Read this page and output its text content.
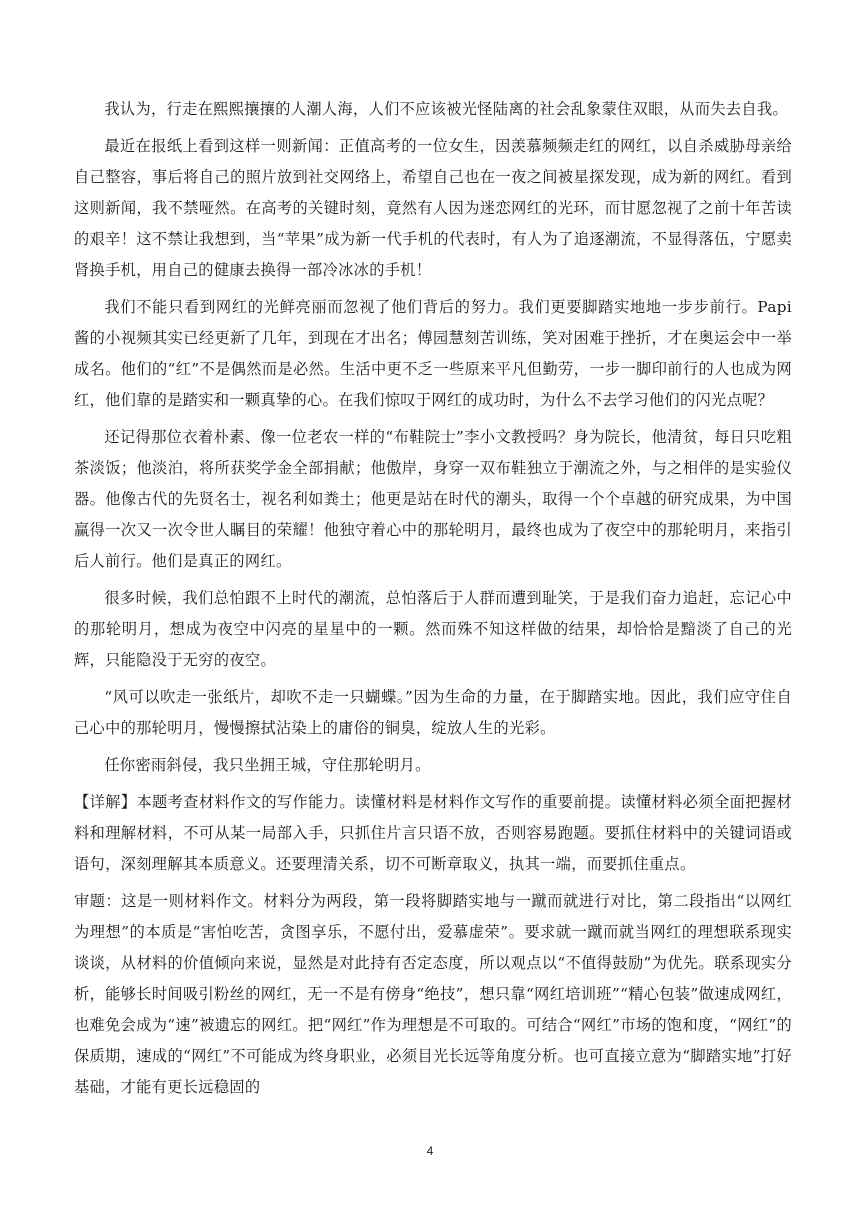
我认为，行走在熙熙攘攘的人潮人海，人们不应该被光怪陆离的社会乱象蒙住双眼，从而失去自我。

最近在报纸上看到这样一则新闻：正值高考的一位女生，因羡慕频频走红的网红，以自杀威胁母亲给自己整容，事后将自己的照片放到社交网络上，希望自己也在一夜之间被星探发现，成为新的网红。看到这则新闻，我不禁哑然。在高考的关键时刻，竟然有人因为迷恋网红的光环，而甘愿忽视了之前十年苦读的艰辛！这不禁让我想到，当“苹果”成为新一代手机的代表时，有人为了追逐潮流，不显得落伍，宁愿卖肾换手机，用自己的健康去换得一部冷冰冰的手机！

我们不能只看到网红的光鲜亮丽而忽视了他们背后的努力。我们更要脚踏实地地一步步前行。Papi 酱的小视频其实已经更新了几年，到现在才出名；傅园慧刻苦训练，笑对困难于挫折，才在奥运会中一举成名。他们的“红”不是偶然而是必然。生活中更不乏一些原来平凡但勤劳，一步一脚印前行的人也成为网红，他们靠的是踏实和一颗真挚的心。在我们惊叹于网红的成功时，为什么不去学习他们的闪光点呢？

还记得那位衣着朴素、像一位老农一样的“布鞋院士”李小文教授吗？身为院长，他清贫，每日只吃粗茶淡饭；他淡泊，将所获奖学金全部捐献；他傲岸，身穿一双布鞋独立于潮流之外，与之相伴的是实验仪器。他像古代的先贤名士，视名利如粪土；他更是站在时代的潮头，取得一个个卓越的研究成果，为中国赢得一次又一次令世人瞩目的荣耀！他独守着心中的那轮明月，最终也成为了夜空中的那轮明月，来指引后人前行。他们是真正的网红。

很多时候，我们总怕跟不上时代的潮流，总怕落后于人群而遭到耻笑，于是我们奋力追赶，忘记心中的那轮明月，想成为夜空中闪亮的星星中的一颗。然而殊不知这样做的结果，却恰恰是黯淡了自己的光辉，只能隐没于无穷的夜空。

“风可以吹走一张纸片，却吹不走一只蝴蝶。”因为生命的力量，在于脚踏实地。因此，我们应守住自己心中的那轮明月，慢慢擦拭沾染上的庸俗的铜臭，绽放人生的光彩。

任你密雨斜侵，我只坐拥王城，守住那轮明月。

【详解】本题考查材料作文的写作能力。读懂材料是材料作文写作的重要前提。读懂材料必须全面把握材料和理解材料，不可从某一局部入手，只抓住片言只语不放，否则容易跑题。要抓住材料中的关键词语或语句，深刻理解其本质意义。还要理清关系，切不可断章取义，执其一端，而要抓住重点。

审题：这是一则材料作文。材料分为两段，第一段将脚踏实地与一蹴而就进行对比，第二段指出“以网红为理想”的本质是“害怕吃苦，贪图享乐，不愿付出，爱慕虚荣”。要求就一蹴而就当网红的理想联系现实谈谈，从材料的价值倾向来说，显然是对此持有否定态度，所以观点以“不值得鼓励”为优先。联系现实分析，能够长时间吸引粉丝的网红，无一不是有傍身“绝技”，想只靠“网红培训班”“精心包装”做速成网红，也难免会成为“速”被遗忘的网红。把“网红”作为理想是不可取的。可结合“网红”市场的饱和度，“网红”的保质期，速成的“网红”不可能成为终身职业，必须目光长远等角度分析。也可直接立意为“脚踏实地”打好基础，才能有更长远稳固的

4
